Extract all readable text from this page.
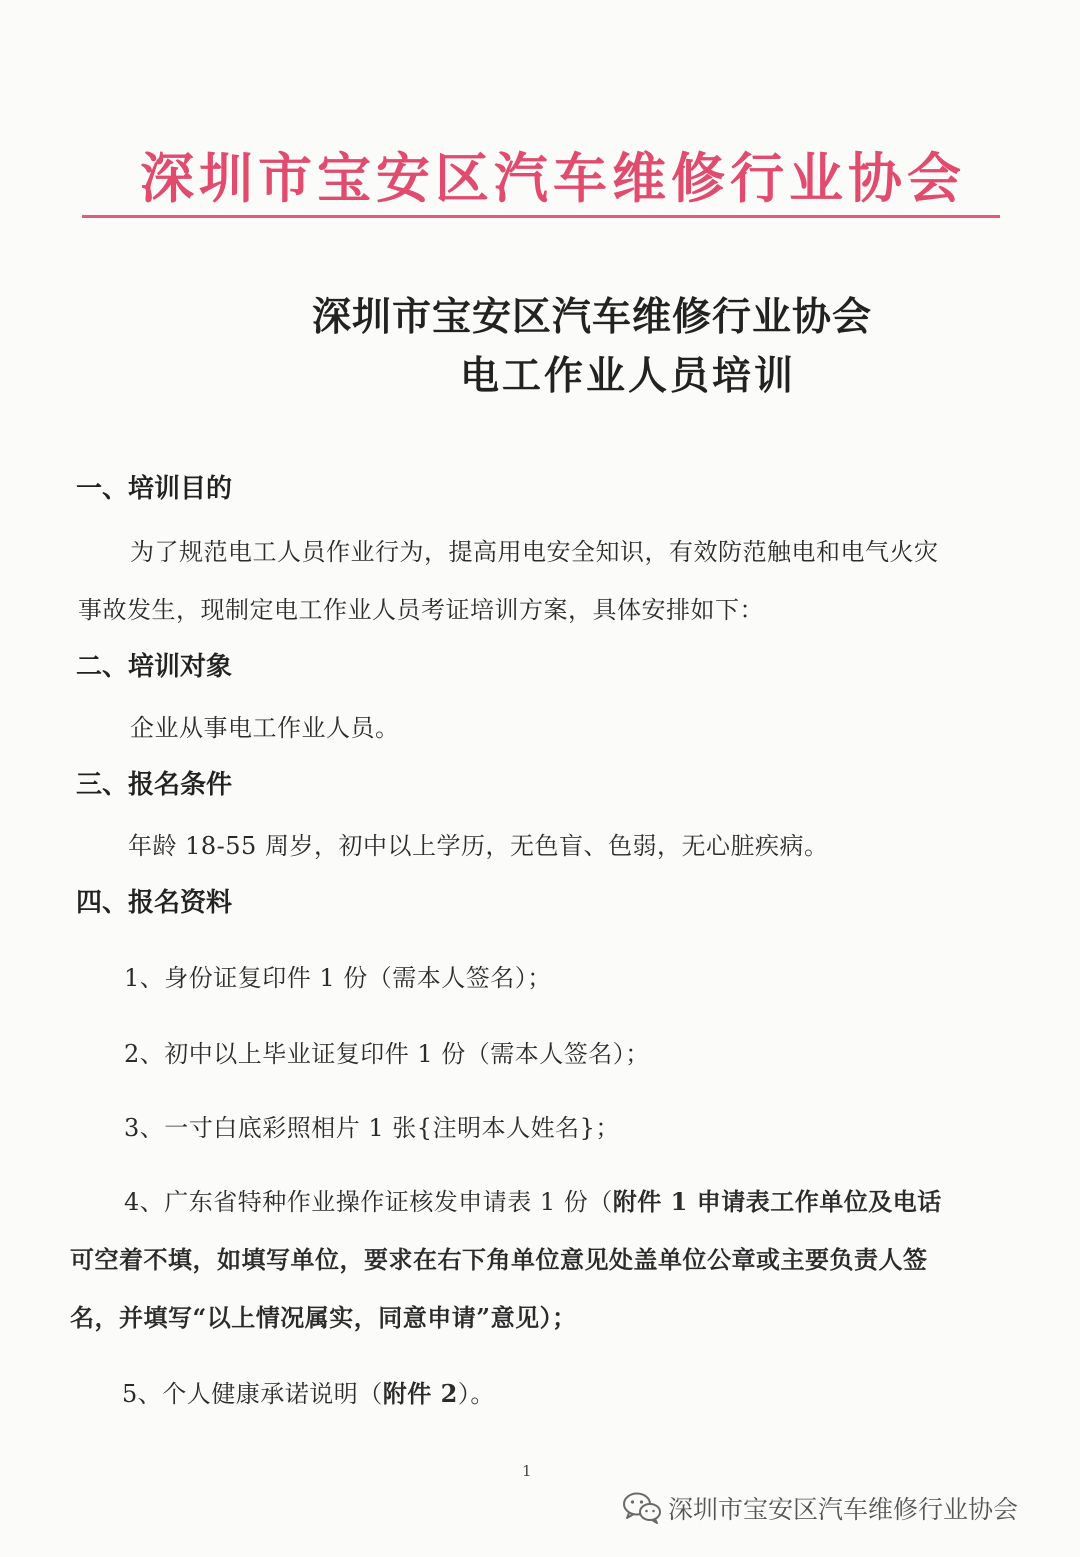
深圳市宝安区汽车维修行业协会
深圳市宝安区汽车维修行业协会
电工作业人员培训
一、培训目的
为了规范电工人员作业行为，提高用电安全知识，有效防范触电和电气火灾
事故发生，现制定电工作业人员考证培训方案，具体安排如下：
二、培训对象
企业从事电工作业人员。
三、报名条件
年龄 18-55 周岁，初中以上学历，无色盲、色弱，无心脏疾病。
四、报名资料
1、身份证复印件 1 份（需本人签名）；
2、初中以上毕业证复印件 1 份（需本人签名）；
3、一寸白底彩照相片 1 张{注明本人姓名}；
4、广东省特种作业操作证核发申请表 1 份（附件 1 申请表工作单位及电话
可空着不填，如填写单位，要求在右下角单位意见处盖单位公章或主要负责人签
名，并填写“以上情况属实，同意申请”意见）；
5、个人健康承诺说明（附件 2）。
1
深圳市宝安区汽车维修行业协会
